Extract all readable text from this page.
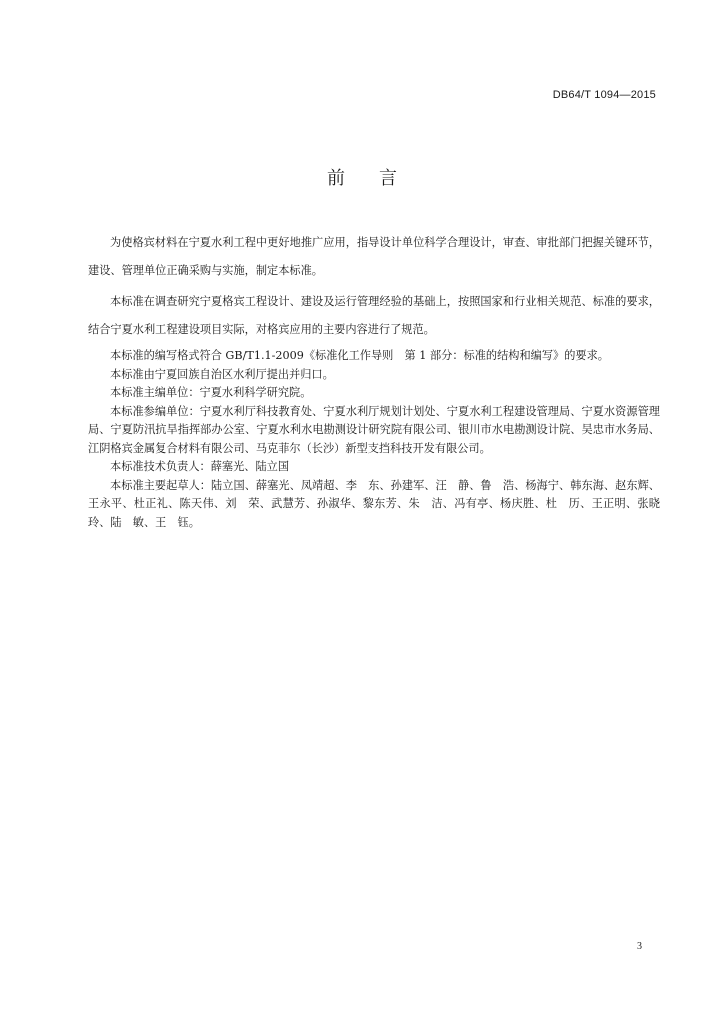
DB64/T 1094—2015
前言

为使格宾材料在宁夏水利工程中更好地推广应用，指导设计单位科学合理设计，审查、审批部门把握关键环节，建设、管理单位正确采购与实施，制定本标准。

本标准在调查研究宁夏格宾工程设计、建设及运行管理经验的基础上，按照国家和行业相关规范、标准的要求，结合宁夏水利工程建设项目实际，对格宾应用的主要内容进行了规范。

本标准的编写格式符合 GB/T1.1-2009《标准化工作导则　第 1 部分：标准的结构和编写》的要求。

本标准由宁夏回族自治区水利厅提出并归口。

本标准主编单位：宁夏水利科学研究院。

本标准参编单位：宁夏水利厅科技教育处、宁夏水利厅规划计划处、宁夏水利工程建设管理局、宁夏水资源管理局、宁夏防汛抗旱指挥部办公室、宁夏水利水电勘测设计研究院有限公司、银川市水电勘测设计院、吴忠市水务局、江阴格宾金属复合材料有限公司、马克菲尔（长沙）新型支挡科技开发有限公司。

本标准技术负责人：薛塞光、陆立国

本标准主要起草人：陆立国、薛塞光、凤靖超、李　东、孙建军、汪　静、鲁　浩、杨海宁、韩东海、赵东辉、王永平、杜正礼、陈天伟、刘　荣、武慧芳、孙淑华、黎东芳、朱　洁、冯有亭、杨庆胜、杜　历、王正明、张晓玲、陆　敏、王　钰。

3
